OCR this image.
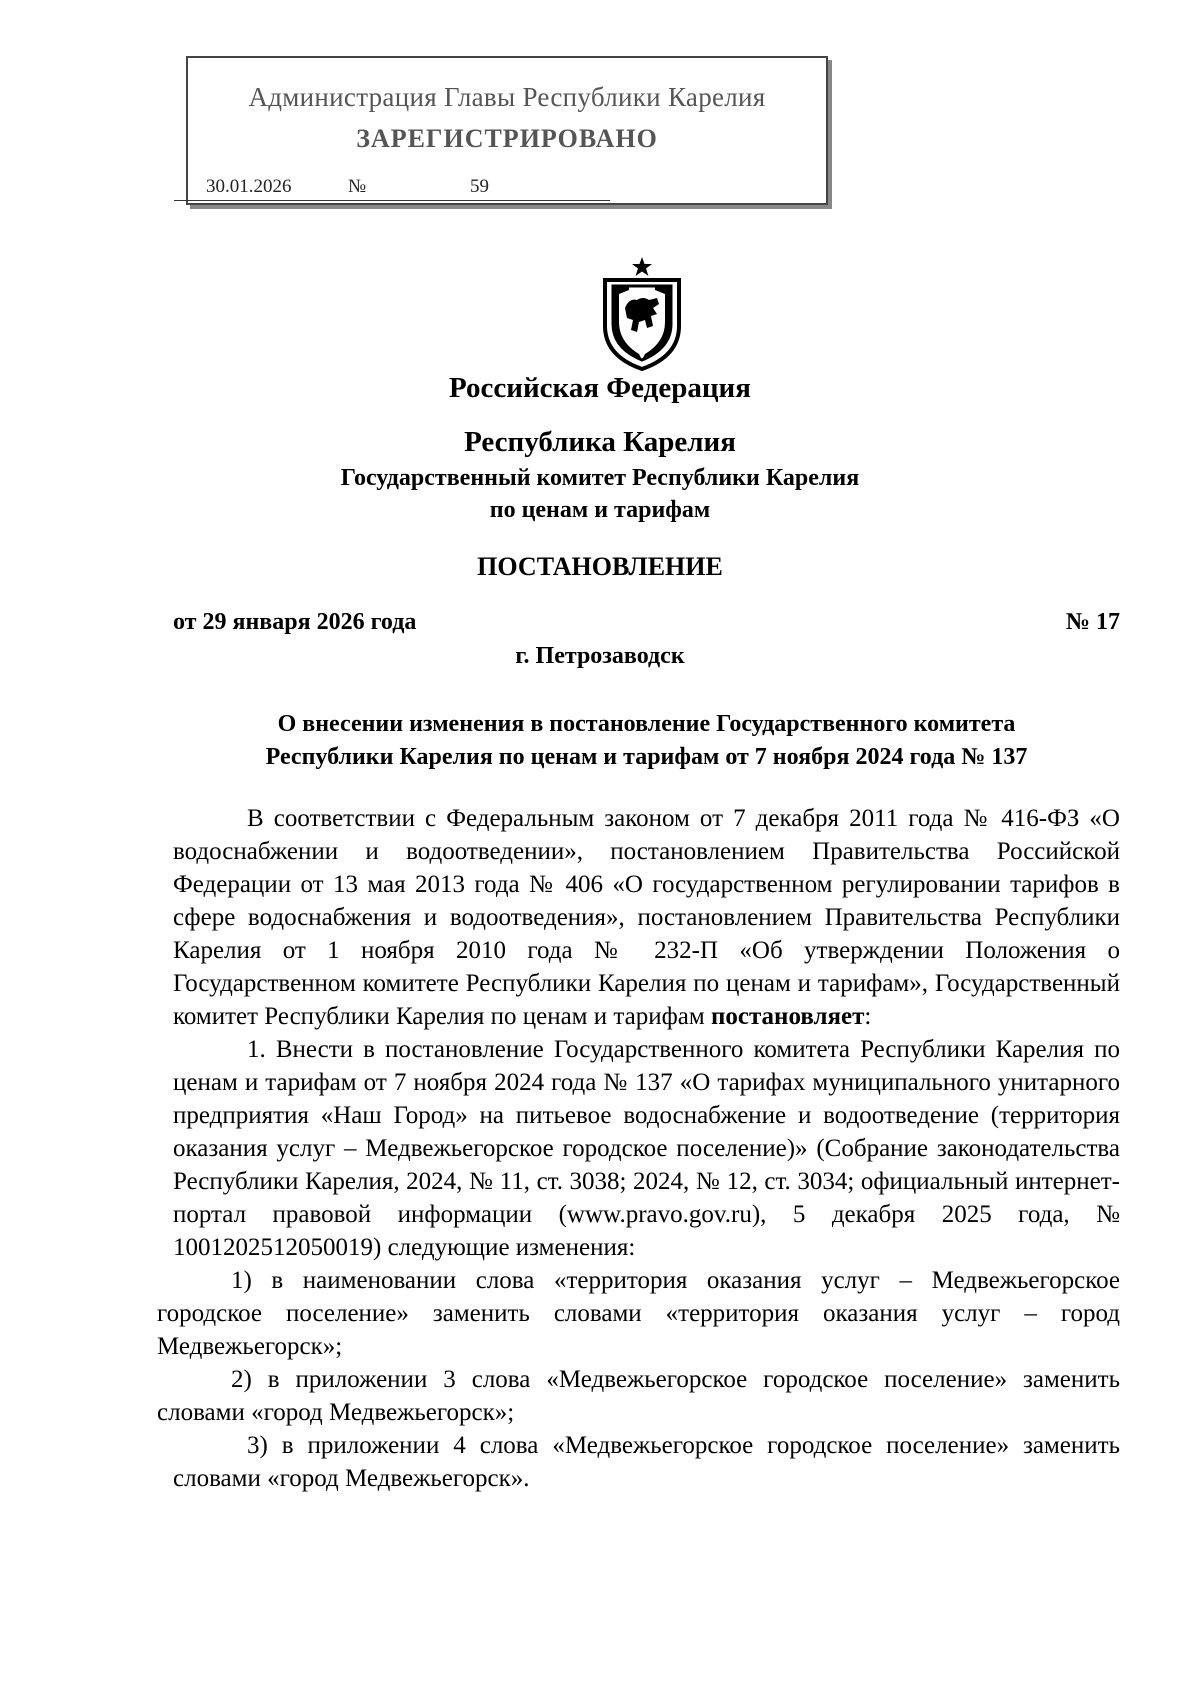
Администрация Главы Республики Карелия
ЗАРЕГИСТРИРОВАНО
30.01.2026	№	59
Российская Федерация
Республика Карелия
Государственный комитет Республики Карелия
по ценам и тарифам
ПОСТАНОВЛЕНИЕ
от 29 января 2026 года	№ 17
г. Петрозаводск
О внесении изменения в постановление Государственного комитета
Республики Карелия по ценам и тарифам от 7 ноября 2024 года № 137

В соответствии с Федеральным законом от 7 декабря 2011 года № 416-ФЗ «О водоснабжении и водоотведении», постановлением Правительства Российской Федерации от 13 мая 2013 года № 406 «О государственном регулировании тарифов в сфере водоснабжения и водоотведения», постановлением Правительства Республики Карелия от 1 ноября 2010 года № 232-П «Об утверждении Положения о Государственном комитете Республики Карелия по ценам и тарифам», Государственный комитет Республики Карелия по ценам и тарифам постановляет:

1. Внести в постановление Государственного комитета Республики Карелия по ценам и тарифам от 7 ноября 2024 года № 137 «О тарифах муниципального унитарного предприятия «Наш Город» на питьевое водоснабжение и водоотведение (территория оказания услуг – Медвежьегорское городское поселение)» (Собрание законодательства Республики Карелия, 2024, № 11, ст. 3038; 2024, № 12, ст. 3034; официальный интернет-портал правовой информации (www.pravo.gov.ru), 5 декабря 2025 года, № 1001202512050019) следующие изменения:

1) в наименовании слова «территория оказания услуг – Медвежьегорское городское поселение» заменить словами «территория оказания услуг – город Медвежьегорск»;

2) в приложении 3 слова «Медвежьегорское городское поселение» заменить словами «город Медвежьегорск»;

3) в приложении 4 слова «Медвежьегорское городское поселение» заменить словами «город Медвежьегорск».
